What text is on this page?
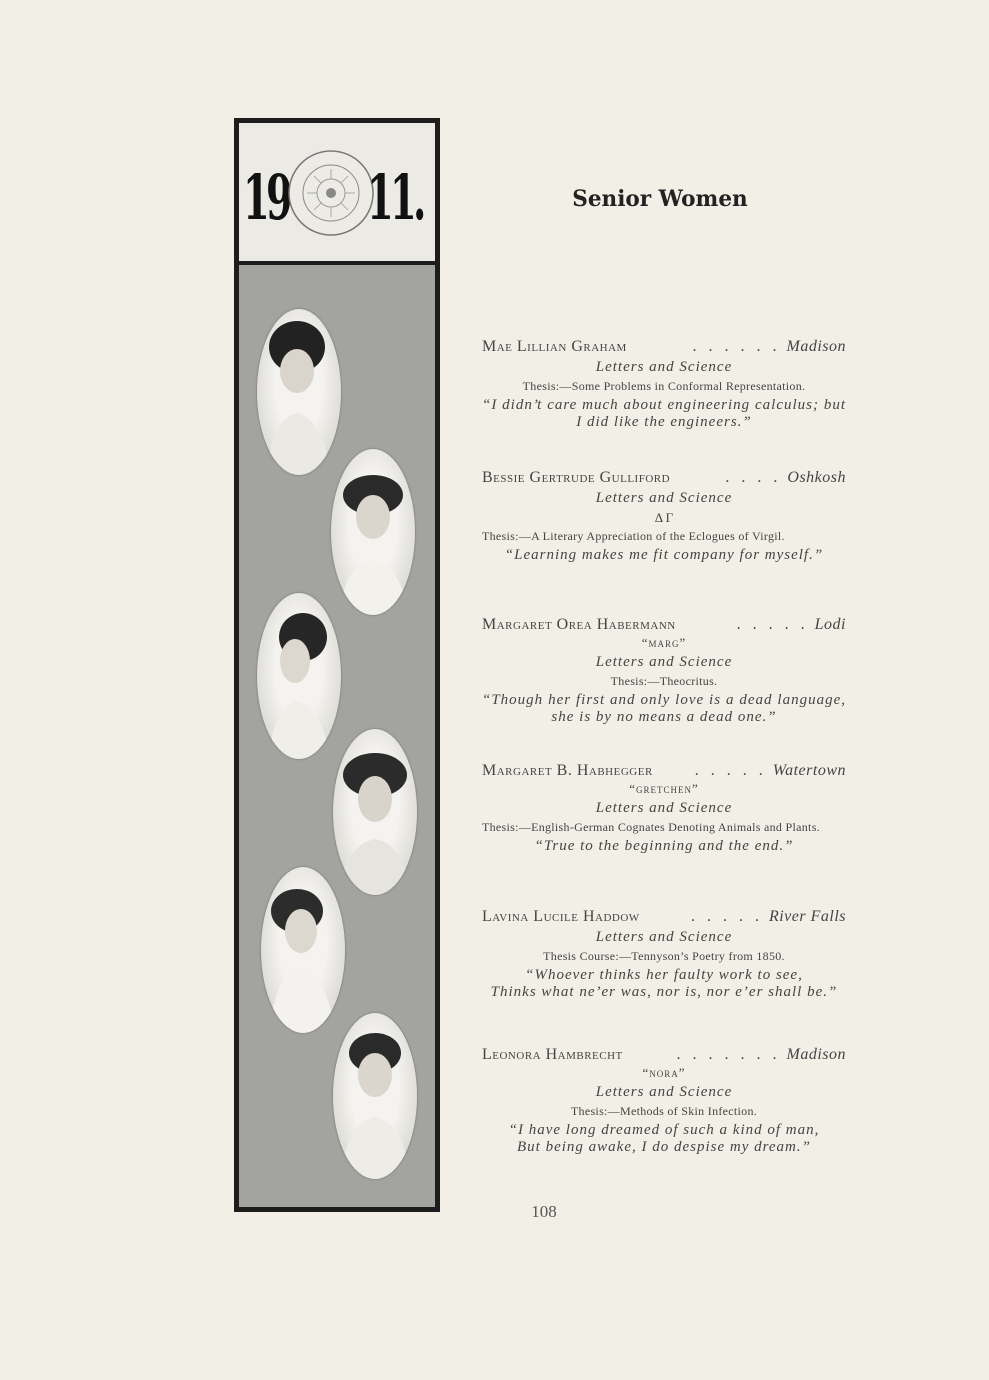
19 11.	Senior Women
Mae Lillian Graham	. . . . . . Madison
Letters and Science
Thesis:—Some Problems in Conformal Representation.
“I didn’t care much about engineering calculus; but I did like the engineers.”
Bessie Gertrude Gulliford	. . . . Oshkosh
Letters and Science
Δ Γ
Thesis:—A Literary Appreciation of the Eclogues of Virgil.
“Learning makes me fit company for myself.”
Margaret Orea Habermann	. . . . . Lodi
“marg”
Letters and Science
Thesis:—Theocritus.
“Though her first and only love is a dead language, she is by no means a dead one.”
Margaret B. Habhegger	. . . . . Watertown
“gretchen”
Letters and Science
Thesis:—English-German Cognates Denoting Animals and Plants.
“True to the beginning and the end.”
Lavina Lucile Haddow	. . . . . River Falls
Letters and Science
Thesis Course:—Tennyson’s Poetry from 1850.
“Whoever thinks her faulty work to see,
Thinks what ne’er was, nor is, nor e’er shall be.”
Leonora Hambrecht	. . . . . . . Madison
“nora”
Letters and Science
Thesis:—Methods of Skin Infection.
“I have long dreamed of such a kind of man,
But being awake, I do despise my dream.”
108
